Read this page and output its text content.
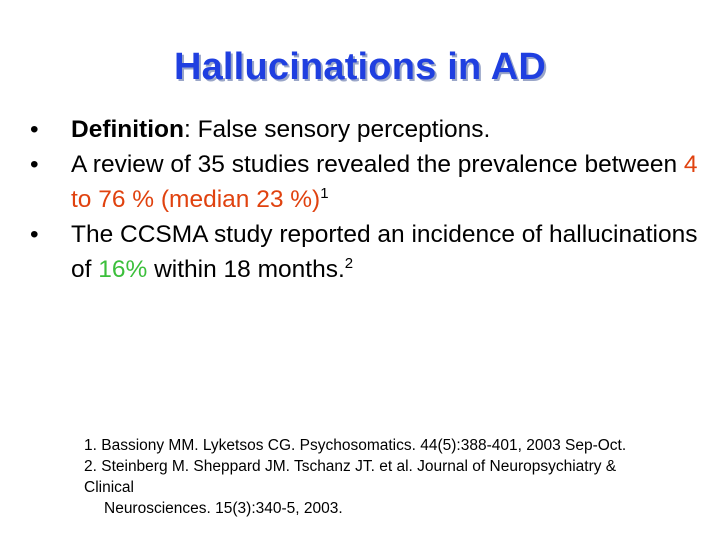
Hallucinations in AD
• Definition: False sensory perceptions.
• A review of 35 studies revealed the prevalence between 4 to 76 % (median 23 %)$^1$
• The CCSMA study reported an incidence of hallucinations of 16% within 18 months.$^2$
1. Bassiony MM. Lyketsos CG. Psychosomatics. 44(5):388-401, 2003 Sep-Oct.
2. Steinberg M. Sheppard JM. Tschanz JT. et al. Journal of Neuropsychiatry &
Clinical
Neurosciences. 15(3):340-5, 2003.
